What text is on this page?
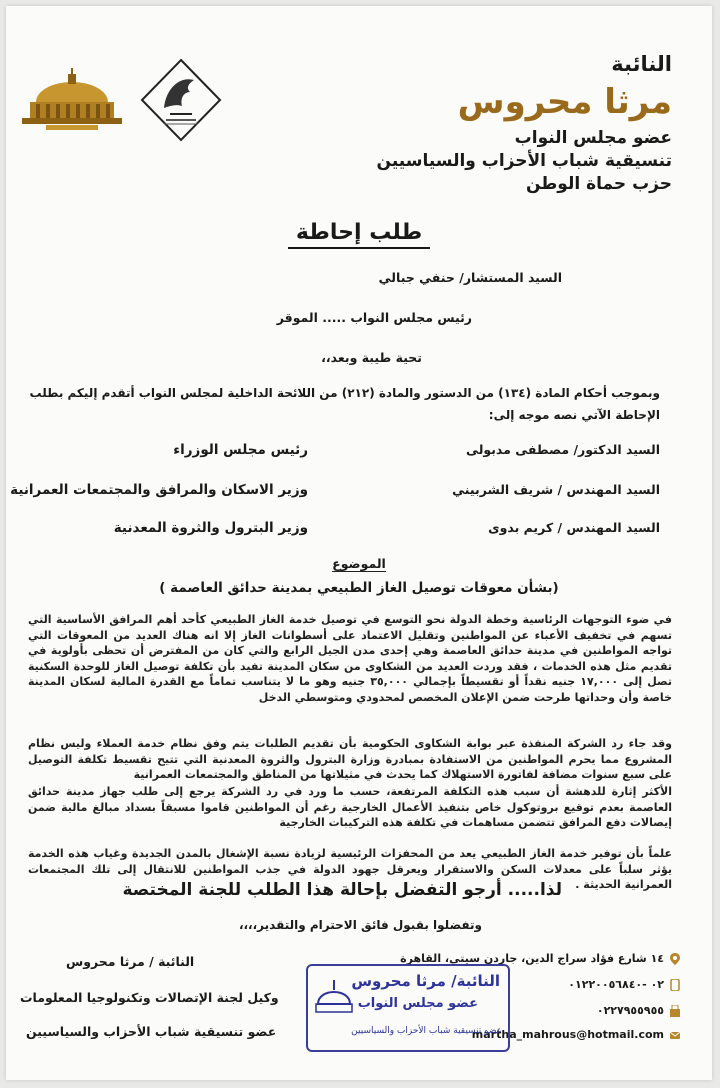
النائبة
مرثا محروس
عضو مجلس النواب
تنسيقية شباب الأحزاب والسياسيين
حزب حماة الوطن
طلب إحاطة
السيد المستشار/ حنفي جبالي
رئيس مجلس النواب ..... الموقر
تحية طيبة وبعد،،
وبموجب أحكام المادة (١٣٤) من الدستور والمادة (٢١٢) من اللائحة الداخلية لمجلس النواب أتقدم إليكم بطلب
الإحاطة الآتي نصه موجه إلى:
السيد الدكتور/ مصطفى مدبولى
رئيس مجلس الوزراء
السيد المهندس / شريف الشربيني
وزير الاسكان والمرافق والمجتمعات العمرانية
السيد المهندس / كريم بدوى
وزير البترول والثروة المعدنية
الموضوع
(بشأن معوقات توصيل الغاز الطبيعي بمدينة حدائق العاصمة )
في ضوء التوجهات الرئاسية وخطة الدولة نحو التوسع في توصيل خدمة الغاز الطبيعي كأحد أهم المرافق الأساسية التي تسهم في تخفيف الأعباء عن المواطنين وتقليل الاعتماد على أسطوانات الغاز إلا انه هناك العديد من المعوقات التي تواجه المواطنين في مدينة حدائق العاصمة وهي إحدى مدن الجيل الرابع والتي كان من المفترض أن تحظى بأولوية في تقديم مثل هذه الخدمات ، فقد وردت العديد من الشكاوى من سكان المدينة تفيد بأن تكلفة توصيل الغاز للوحدة السكنية تصل إلى ١٧,٠٠٠ جنيه نقداً أو تقسيطاً بإجمالي ٣٥,٠٠٠ جنيه وهو ما لا يتناسب تماماً مع القدرة المالية لسكان المدينة خاصة وأن وحداتها طرحت ضمن الإعلان المخصص لمحدودي ومتوسطي الدخل
وقد جاء رد الشركة المنفذة عبر بوابة الشكاوى الحكومية بأن تقديم الطلبات يتم وفق نظام خدمة العملاء وليس نظام المشروع مما يحرم المواطنين من الاستفادة بمبادرة وزارة البترول والثروة المعدنية التي تتيح تقسيط تكلفة التوصيل على سبع سنوات مضافة لفاتورة الاستهلاك كما يحدث في مثيلاتها من المناطق والمجتمعات العمرانية
الأكثر إثارة للدهشة أن سبب هذه التكلفة المرتفعة، حسب ما ورد في رد الشركة يرجع إلى طلب جهاز مدينة حدائق العاصمة بعدم توقيع بروتوكول خاص بتنفيذ الأعمال الخارجية رغم أن المواطنين قاموا مسبقاً بسداد مبالغ مالية ضمن إيصالات دفع المرافق تتضمن مساهمات في تكلفة هذه التركيبات الخارجية
علماً بأن توفير خدمة الغاز الطبيعي يعد من المحفزات الرئيسية لزيادة نسبة الإشغال بالمدن الجديدة وغياب هذه الخدمة يؤثر سلباً على معدلات السكن والاستقرار ويعرقل جهود الدولة في جذب المواطنين للانتقال إلى تلك المجتمعات العمرانية الحديثة .
لذا..... أرجو التفضل بإحالة هذا الطلب للجنة المختصة
وتفضلوا بقبول فائق الاحترام والتقدير،،،،
١٤ شارع فؤاد سراج الدين، جاردن سيتي، القاهرة
٠٢ -٠١٢٢٠٠٥٦٨٤٠
٠٢٢٧٩٥٥٩٥٥
martha_mahrous@hotmail.com
النائبة/ مرثا محروس
عضو مجلس النواب
عضو تنسيقية شباب الأحزاب والسياسيين
النائبة / مرثا محروس
وكيل لجنة الإتصالات وتكنولوجيا المعلومات
عضو تنسيقية شباب الأحزاب والسياسيين
